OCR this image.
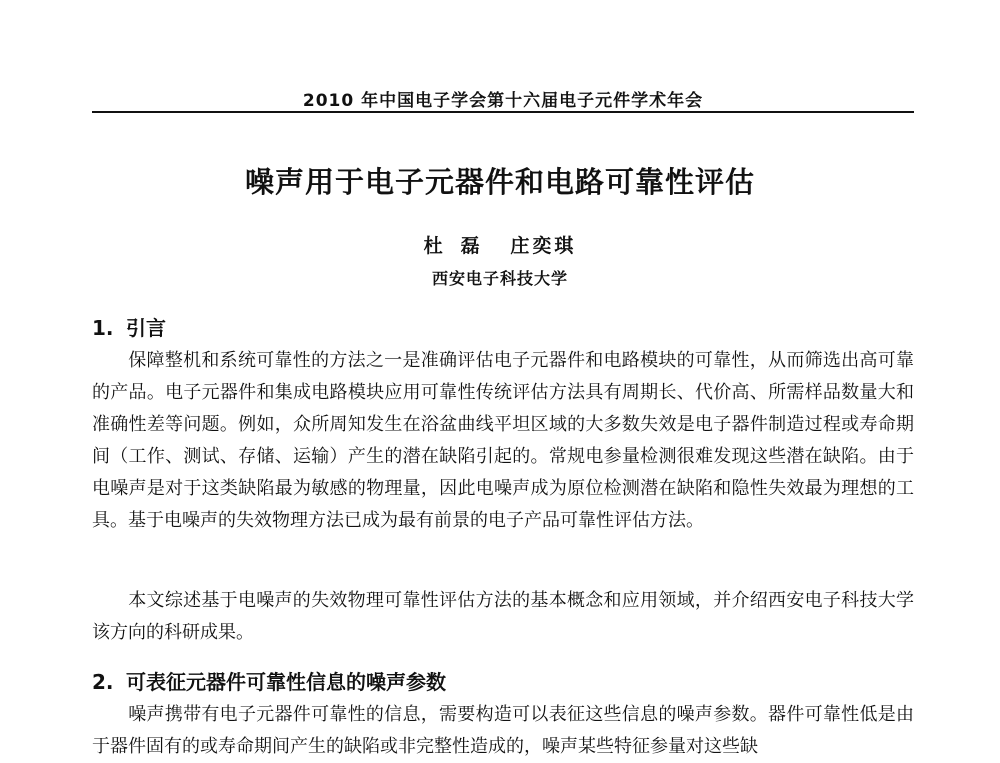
2010 年中国电子学会第十六届电子元件学术年会
噪声用于电子元器件和电路可靠性评估
杜磊 庄奕琪
西安电子科技大学
1. 引言

保障整机和系统可靠性的方法之一是准确评估电子元器件和电路模块的可靠性，从而筛选出高可靠的产品。电子元器件和集成电路模块应用可靠性传统评估方法具有周期长、代价高、所需样品数量大和准确性差等问题。例如，众所周知发生在浴盆曲线平坦区域的大多数失效是电子器件制造过程或寿命期间（工作、测试、存储、运输）产生的潜在缺陷引起的。常规电参量检测很难发现这些潜在缺陷。由于电噪声是对于这类缺陷最为敏感的物理量，因此电噪声成为原位检测潜在缺陷和隐性失效最为理想的工具。基于电噪声的失效物理方法已成为最有前景的电子产品可靠性评估方法。

本文综述基于电噪声的失效物理可靠性评估方法的基本概念和应用领域，并介绍西安电子科技大学该方向的科研成果。

2. 可表征元器件可靠性信息的噪声参数

噪声携带有电子元器件可靠性的信息，需要构造可以表征这些信息的噪声参数。器件可靠性低是由于器件固有的或寿命期间产生的缺陷或非完整性造成的，噪声某些特征参量对这些缺
